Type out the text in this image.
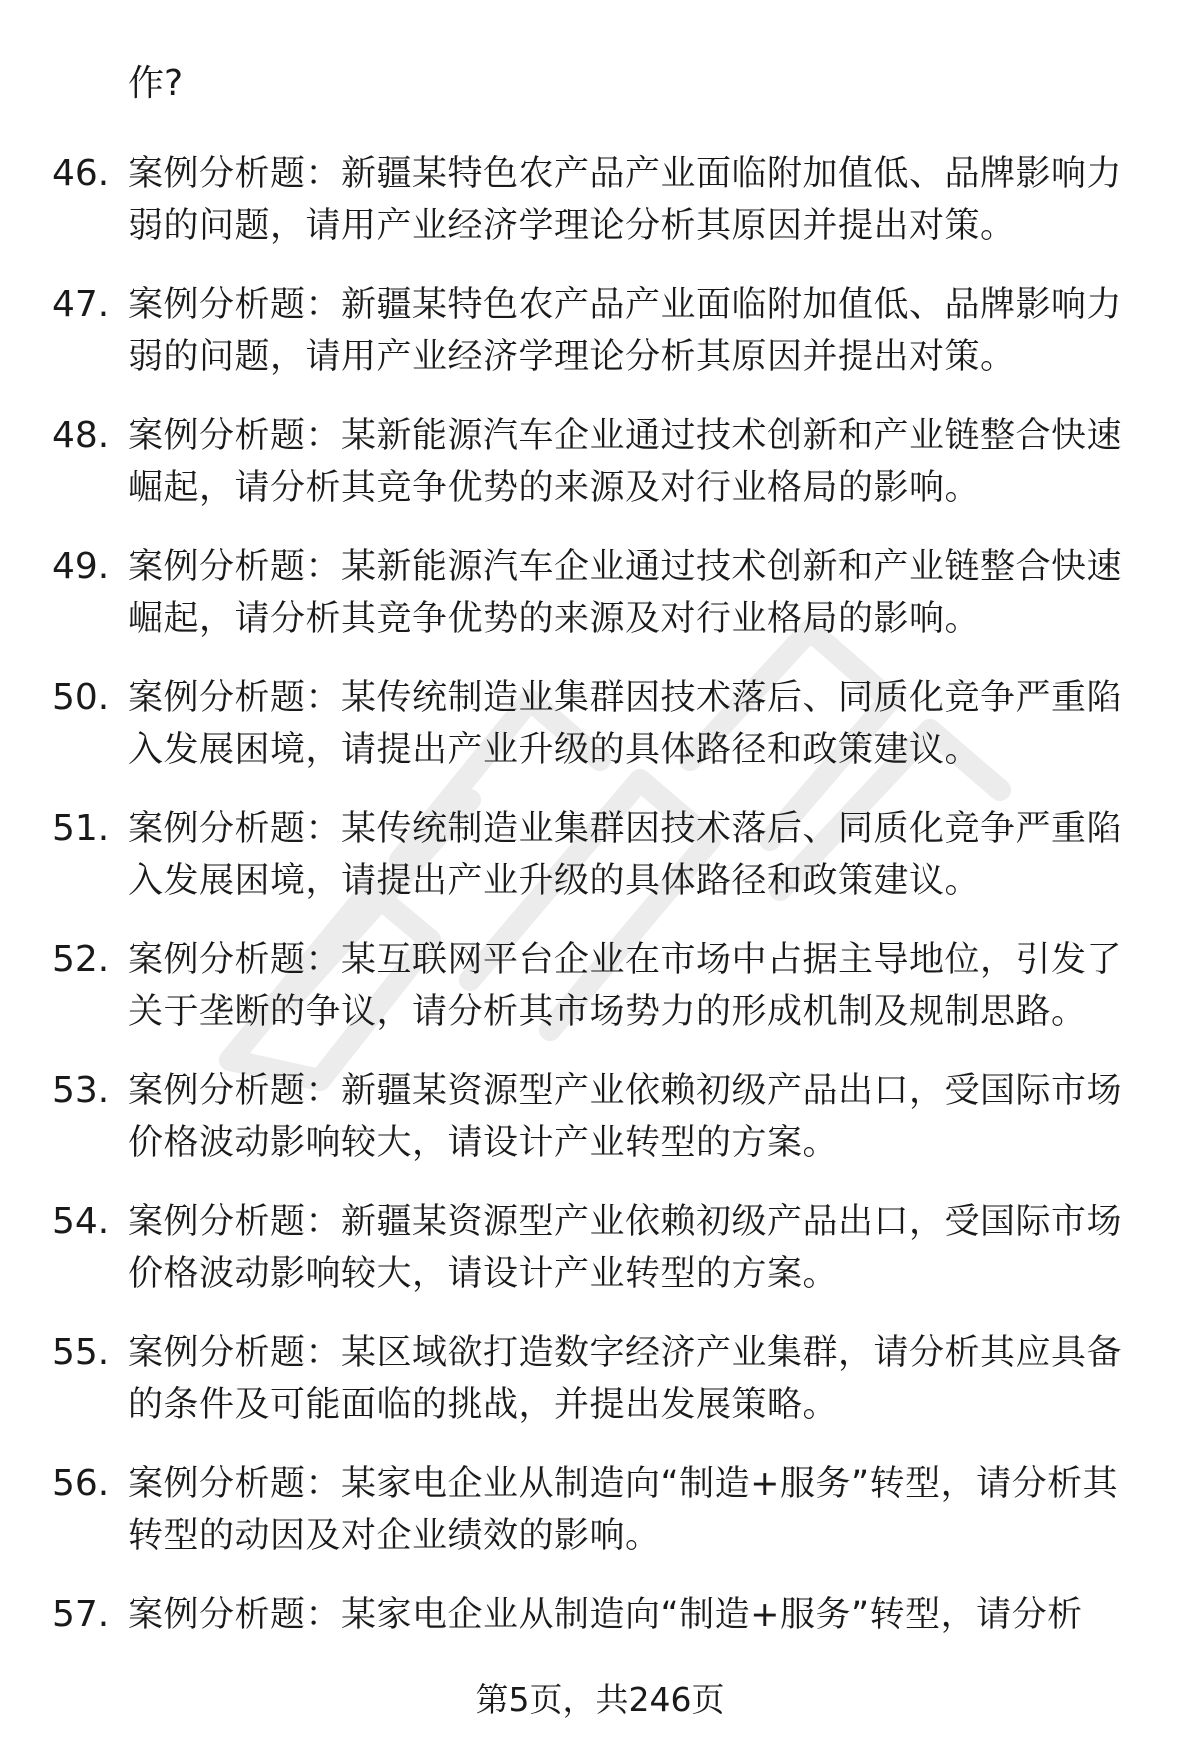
作?

46. 案例分析题：新疆某特色农产品产业面临附加值低、品牌影响力弱的问题，请用产业经济学理论分析其原因并提出对策。
47. 案例分析题：新疆某特色农产品产业面临附加值低、品牌影响力弱的问题，请用产业经济学理论分析其原因并提出对策。
48. 案例分析题：某新能源汽车企业通过技术创新和产业链整合快速崛起，请分析其竞争优势的来源及对行业格局的影响。
49. 案例分析题：某新能源汽车企业通过技术创新和产业链整合快速崛起，请分析其竞争优势的来源及对行业格局的影响。
50. 案例分析题：某传统制造业集群因技术落后、同质化竞争严重陷入发展困境，请提出产业升级的具体路径和政策建议。
51. 案例分析题：某传统制造业集群因技术落后、同质化竞争严重陷入发展困境，请提出产业升级的具体路径和政策建议。
52. 案例分析题：某互联网平台企业在市场中占据主导地位，引发了关于垄断的争议，请分析其市场势力的形成机制及规制思路。
53. 案例分析题：新疆某资源型产业依赖初级产品出口，受国际市场价格波动影响较大，请设计产业转型的方案。
54. 案例分析题：新疆某资源型产业依赖初级产品出口，受国际市场价格波动影响较大，请设计产业转型的方案。
55. 案例分析题：某区域欲打造数字经济产业集群，请分析其应具备的条件及可能面临的挑战，并提出发展策略。
56. 案例分析题：某家电企业从制造向“制造+服务”转型，请分析其转型的动因及对企业绩效的影响。
57. 案例分析题：某家电企业从制造向“制造+服务”转型，请分析
第5页，共246页
